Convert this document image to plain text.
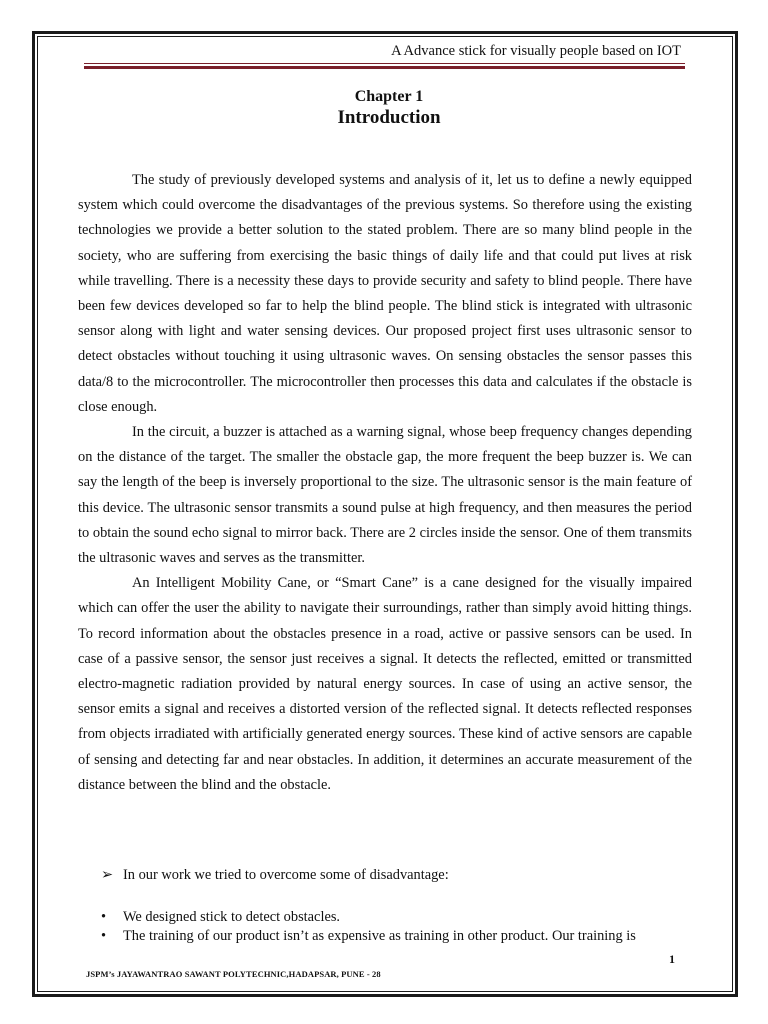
A Advance stick for visually people based on IOT
Chapter 1
Introduction

The study of previously developed systems and analysis of it, let us to define a newly equipped system which could overcome the disadvantages of the previous systems. So therefore using the existing technologies we provide a better solution to the stated problem. There are so many blind people in the society, who are suffering from exercising the basic things of daily life and that could put lives at risk while travelling. There is a necessity these days to provide security and safety to blind people. There have been few devices developed so far to help the blind people. The blind stick is integrated with ultrasonic sensor along with light and water sensing devices. Our proposed project first uses ultrasonic sensor to detect obstacles without touching it using ultrasonic waves. On sensing obstacles the sensor passes this data/8 to the microcontroller. The microcontroller then processes this data and calculates if the obstacle is close enough.

In the circuit, a buzzer is attached as a warning signal, whose beep frequency changes depending on the distance of the target. The smaller the obstacle gap, the more frequent the beep buzzer is. We can say the length of the beep is inversely proportional to the size. The ultrasonic sensor is the main feature of this device. The ultrasonic sensor transmits a sound pulse at high frequency, and then measures the period to obtain the sound echo signal to mirror back. There are 2 circles inside the sensor. One of them transmits the ultrasonic waves and serves as the transmitter.

An Intelligent Mobility Cane, or “Smart Cane” is a cane designed for the visually impaired which can offer the user the ability to navigate their surroundings, rather than simply avoid hitting things. To record information about the obstacles presence in a road, active or passive sensors can be used. In case of a passive sensor, the sensor just receives a signal. It detects the reflected, emitted or transmitted electro-magnetic radiation provided by natural energy sources. In case of using an active sensor, the sensor emits a signal and receives a distorted version of the reflected signal. It detects reflected responses from objects irradiated with artificially generated energy sources. These kind of active sensors are capable of sensing and detecting far and near obstacles. In addition, it determines an accurate measurement of the distance between the blind and the obstacle.

➢ In our work we tried to overcome some of disadvantage:
• We designed stick to detect obstacles.
• The training of our product isn’t as expensive as training in other product. Our training is
1
JSPM’s JAYAWANTRAO SAWANT POLYTECHNIC,HADAPSAR, PUNE - 28
